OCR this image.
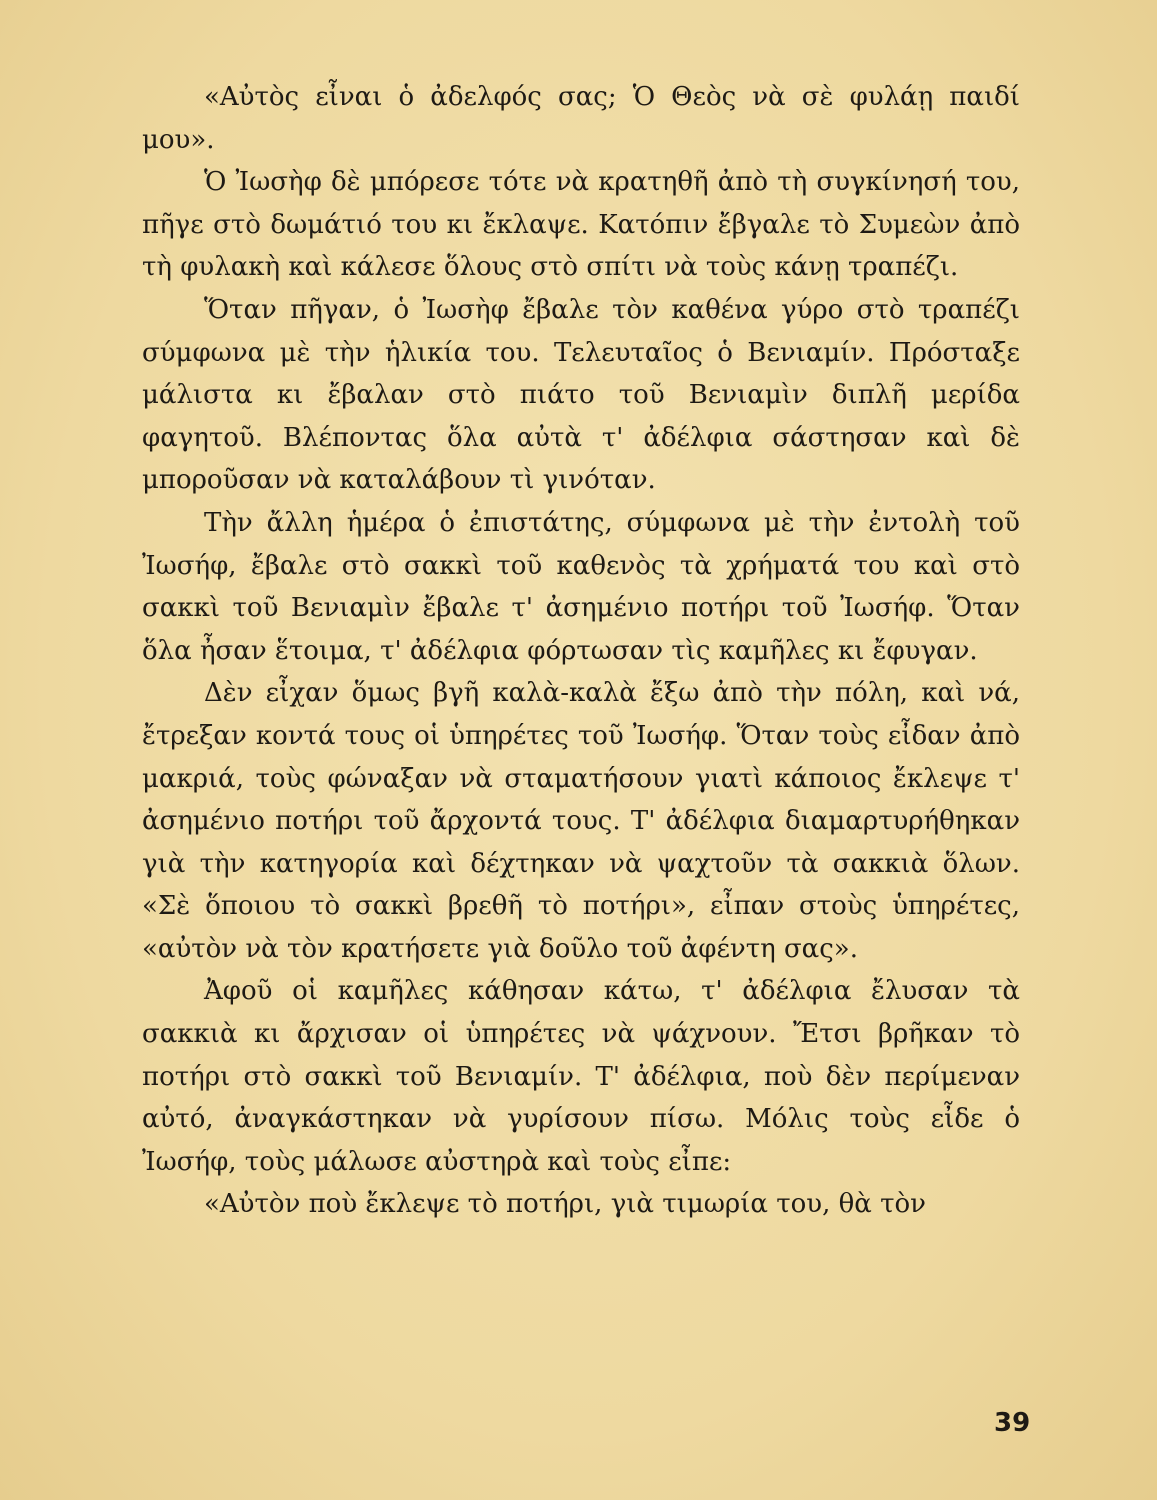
«Αὐτὸς εἶναι ὁ ἀδελφός σας; Ὁ Θεὸς νὰ σὲ φυλάῃ παιδί μου».

Ὁ Ἰωσὴφ δὲ μπόρεσε τότε νὰ κρατηθῆ ἀπὸ τὴ συγκίνησή του, πῆγε στὸ δωμάτιό του κι ἔκλαψε. Κατόπιν ἔβγαλε τὸ Συμεὼν ἀπὸ τὴ φυλακὴ καὶ κάλεσε ὅλους στὸ σπίτι νὰ τοὺς κάνῃ τραπέζι.

Ὅταν πῆγαν, ὁ Ἰωσὴφ ἔβαλε τὸν καθένα γύρο στὸ τραπέζι σύμφωνα μὲ τὴν ἡλικία του. Τελευταῖος ὁ Βενιαμίν. Πρόσταξε μάλιστα κι ἔβαλαν στὸ πιάτο τοῦ Βενιαμὶν διπλῆ μερίδα φαγητοῦ. Βλέποντας ὅλα αὐτὰ τ' ἀδέλφια σάστησαν καὶ δὲ μποροῦσαν νὰ καταλάβουν τὶ γινόταν.

Τὴν ἄλλη ἡμέρα ὁ ἐπιστάτης, σύμφωνα μὲ τὴν ἐντολὴ τοῦ Ἰωσήφ, ἔβαλε στὸ σακκὶ τοῦ καθενὸς τὰ χρήματά του καὶ στὸ σακκὶ τοῦ Βενιαμὶν ἔβαλε τ' ἀσημένιο ποτήρι τοῦ Ἰωσήφ. Ὅταν ὅλα ἦσαν ἕτοιμα, τ' ἀδέλφια φόρτωσαν τὶς καμῆλες κι ἔφυγαν.

Δὲν εἶχαν ὅμως βγῆ καλὰ-καλὰ ἔξω ἀπὸ τὴν πόλη, καὶ νά, ἔτρεξαν κοντά τους οἱ ὑπηρέτες τοῦ Ἰωσήφ. Ὅταν τοὺς εἶδαν ἀπὸ μακριά, τοὺς φώναξαν νὰ σταματήσουν γιατὶ κάποιος ἔκλεψε τ' ἀσημένιο ποτήρι τοῦ ἄρχοντά τους. Τ' ἀδέλφια διαμαρτυρήθηκαν γιὰ τὴν κατηγορία καὶ δέχτηκαν νὰ ψαχτοῦν τὰ σακκιὰ ὅλων. «Σὲ ὅποιου τὸ σακκὶ βρεθῆ τὸ ποτήρι», εἶπαν στοὺς ὑπηρέτες, «αὐτὸν νὰ τὸν κρατήσετε γιὰ δοῦλο τοῦ ἀφέντη σας».

Ἀφοῦ οἱ καμῆλες κάθησαν κάτω, τ' ἀδέλφια ἔλυσαν τὰ σακκιὰ κι ἄρχισαν οἱ ὑπηρέτες νὰ ψάχνουν. Ἔτσι βρῆκαν τὸ ποτήρι στὸ σακκὶ τοῦ Βενιαμίν. Τ' ἀδέλφια, ποὺ δὲν περίμεναν αὐτό, ἀναγκάστηκαν νὰ γυρίσουν πίσω. Μόλις τοὺς εἶδε ὁ Ἰωσήφ, τοὺς μάλωσε αὐστηρὰ καὶ τοὺς εἶπε:

«Αὐτὸν ποὺ ἔκλεψε τὸ ποτήρι, γιὰ τιμωρία του, θὰ τὸν

39
